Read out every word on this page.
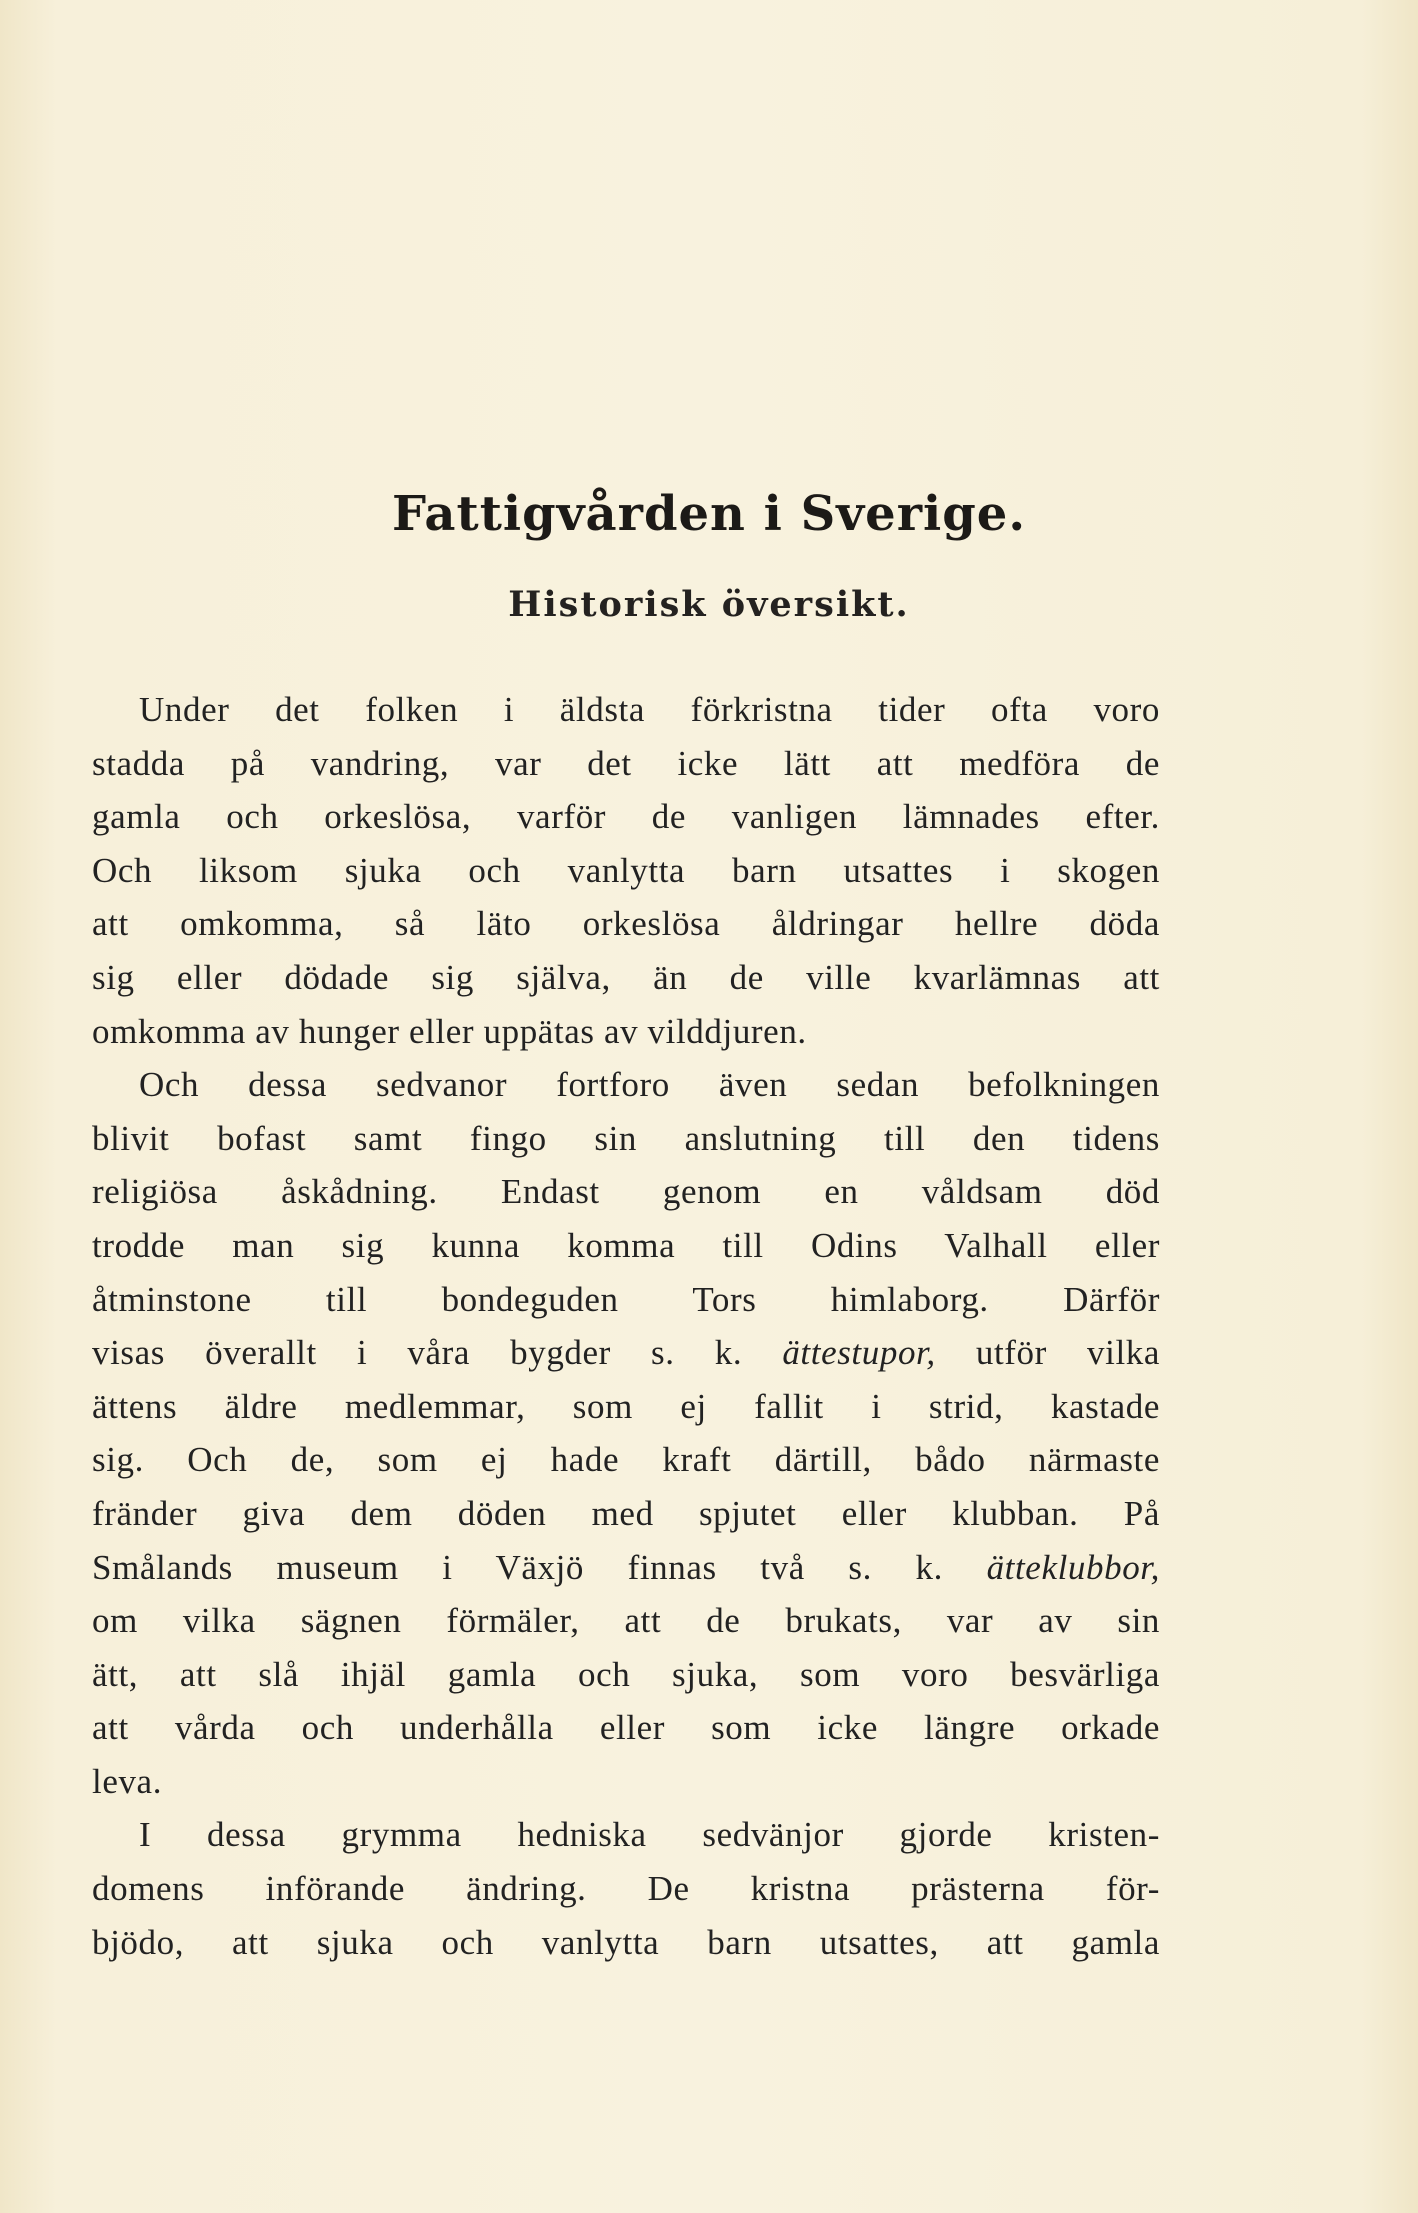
Fattigvården i Sverige.
Historisk översikt.

Under det folken i äldsta förkristna tider ofta voro
stadda på vandring, var det icke lätt att medföra de
gamla och orkeslösa, varför de vanligen lämnades efter.
Och liksom sjuka och vanlytta barn utsattes i skogen
att omkomma, så läto orkeslösa åldringar hellre döda
sig eller dödade sig själva, än de ville kvarlämnas att
omkomma av hunger eller uppätas av vilddjuren.

Och dessa sedvanor fortforo även sedan befolkningen
blivit bofast samt fingo sin anslutning till den tidens
religiösa åskådning. Endast genom en våldsam död
trodde man sig kunna komma till Odins Valhall eller
åtminstone till bondeguden Tors himlaborg. Därför
visas överallt i våra bygder s. k. ättestupor, utför vilka
ättens äldre medlemmar, som ej fallit i strid, kastade
sig. Och de, som ej hade kraft därtill, bådo närmaste
fränder giva dem döden med spjutet eller klubban. På
Smålands museum i Växjö finnas två s. k. ätteklubbor,
om vilka sägnen förmäler, att de brukats, var av sin
ätt, att slå ihjäl gamla och sjuka, som voro besvärliga
att vårda och underhålla eller som icke längre orkade
leva.

I dessa grymma hedniska sedvänjor gjorde kristen-
domens införande ändring. De kristna prästerna för-
bjödo, att sjuka och vanlytta barn utsattes, att gamla
